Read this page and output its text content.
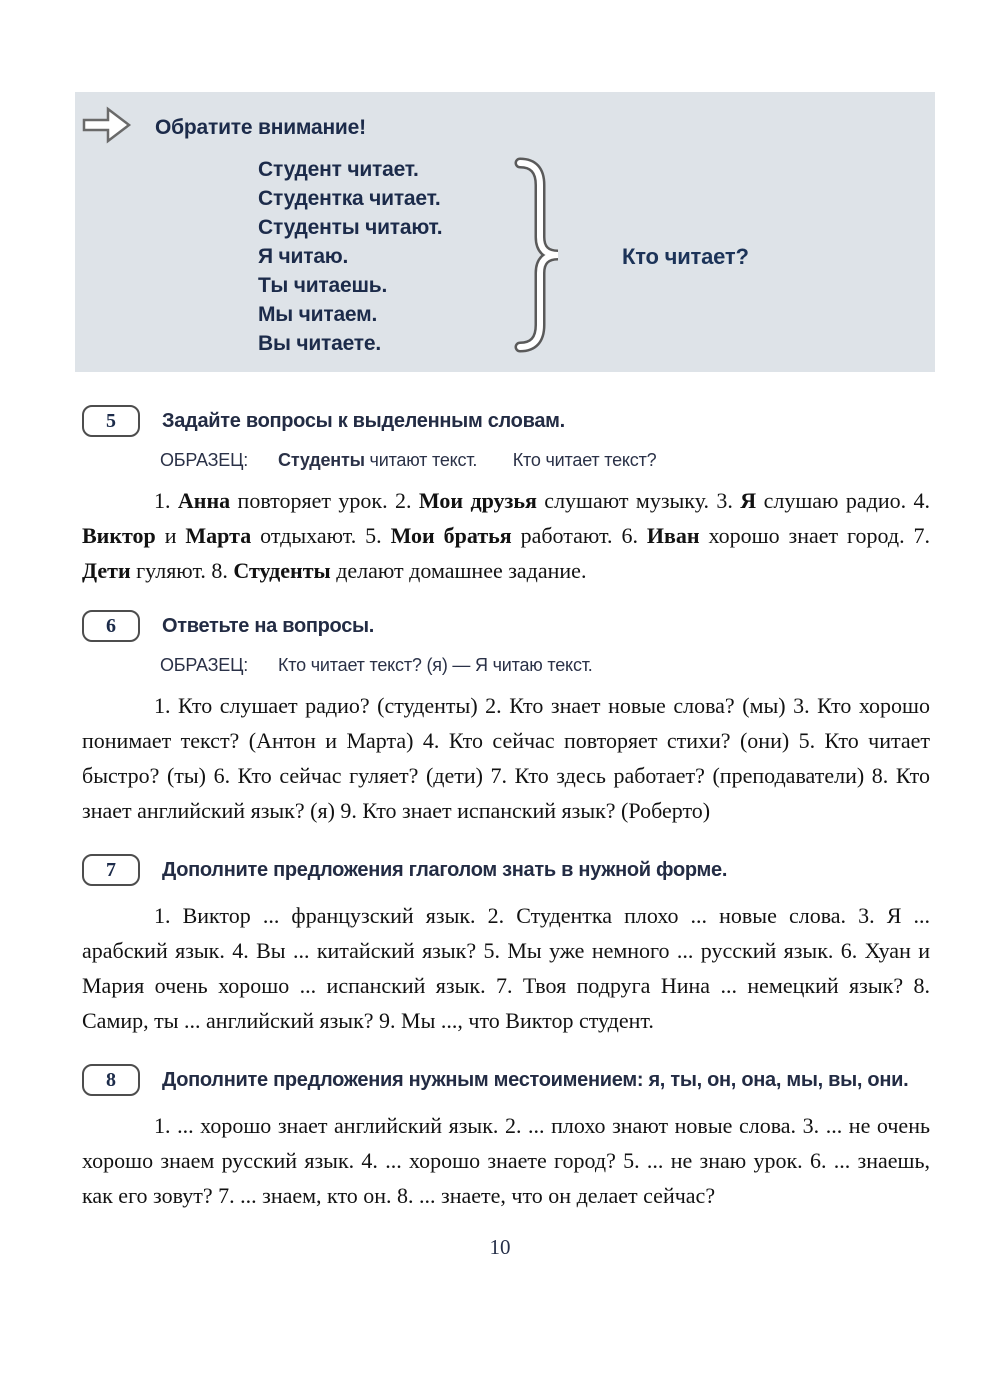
Обратите внимание!
Студент читает.
Студентка читает.
Студенты читают.
Я читаю.
Ты читаешь.
Мы читаем.
Вы читаете.
Кто читает?
5	Задайте вопросы к выделенным словам.
ОБРАЗЕЦ: Студенты читают текст.  Кто читает текст?

1. Анна повторяет урок. 2. Мои друзья слушают музыку. 3. Я слушаю радио. 4. Виктор и Марта отдыхают. 5. Мои братья работают. 6. Иван хорошо знает город. 7. Дети гуляют. 8. Студенты делают домашнее задание.

6	Ответьте на вопросы.
ОБРАЗЕЦ: Кто читает текст? (я) — Я читаю текст.

1. Кто слушает радио? (студенты) 2. Кто знает новые слова? (мы) 3. Кто хорошо понимает текст? (Антон и Марта) 4. Кто сейчас повторяет стихи? (они) 5. Кто читает быстро? (ты) 6. Кто сейчас гуляет? (дети) 7. Кто здесь работает? (преподаватели) 8. Кто знает английский язык? (я) 9. Кто знает испанский язык? (Роберто)

7	Дополните предложения глаголом знать в нужной форме.

1. Виктор ... французский язык. 2. Студентка плохо ... новые слова. 3. Я ... арабский язык. 4. Вы ... китайский язык? 5. Мы уже немного ... русский язык. 6. Хуан и Мария очень хорошо ... испанский язык. 7. Твоя подруга Нина ... немецкий язык? 8. Самир, ты ... английский язык? 9. Мы ..., что Виктор студент.

8	Дополните предложения нужным местоимением: я, ты, он, она, мы, вы, они.

1. ... хорошо знает английский язык. 2. ... плохо знают новые слова. 3. ... не очень хорошо знаем русский язык. 4. ... хорошо знаете город? 5. ... не знаю урок. 6. ... знаешь, как его зовут? 7. ... знаем, кто он. 8. ... знаете, что он делает сейчас?

10
